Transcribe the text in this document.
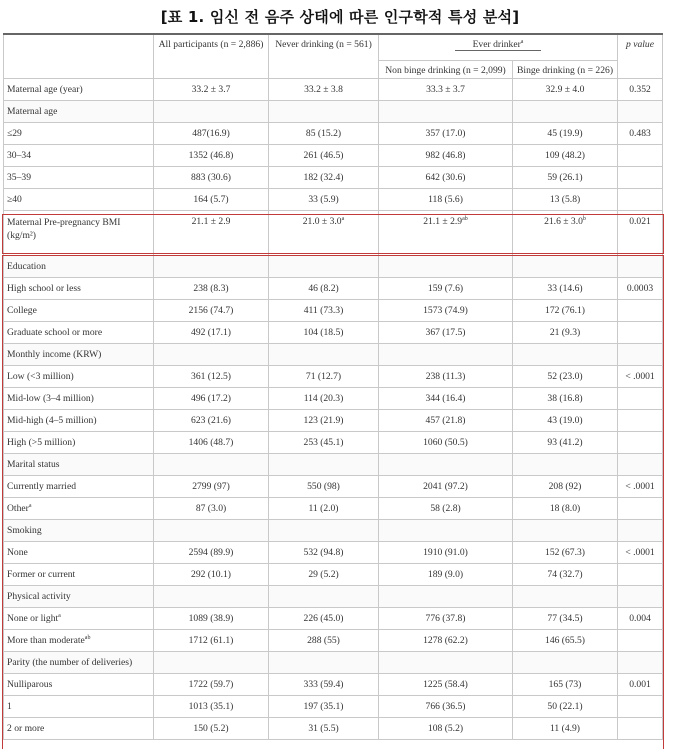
[표 1. 임신 전 음주 상태에 따른 인구학적 특성 분석]
	All participants (n = 2,886)	Never drinking (n = 561)	Ever drinker$^a$		p value
			Non binge drinking (n = 2,099)	Binge drinking (n = 226)	
Maternal age (year)	33.2 ± 3.7	33.2 ± 3.8	33.3 ± 3.7	32.9 ± 4.0	0.352
Maternal age					
≤29	487(16.9)	85 (15.2)	357 (17.0)	45 (19.9)	0.483
30–34	1352 (46.8)	261 (46.5)	982 (46.8)	109 (48.2)	
35–39	883 (30.6)	182 (32.4)	642 (30.6)	59 (26.1)	
≥40	164 (5.7)	33 (5.9)	118 (5.6)	13 (5.8)	
Maternal Pre-pregnancy BMI (kg/m²)	21.1 ± 2.9	21.0 ± 3.0$^a$	21.1 ± 2.9$^{ab}$	21.6 ± 3.0$^b$	0.021
Education					
High school or less	238 (8.3)	46 (8.2)	159 (7.6)	33 (14.6)	0.0003
College	2156 (74.7)	411 (73.3)	1573 (74.9)	172 (76.1)	
Graduate school or more	492 (17.1)	104 (18.5)	367 (17.5)	21 (9.3)	
Monthly income (KRW)					
Low (<3 million)	361 (12.5)	71 (12.7)	238 (11.3)	52 (23.0)	< .0001
Mid-low (3–4 million)	496 (17.2)	114 (20.3)	344 (16.4)	38 (16.8)	
Mid-high (4–5 million)	623 (21.6)	123 (21.9)	457 (21.8)	43 (19.0)	
High (>5 million)	1406 (48.7)	253 (45.1)	1060 (50.5)	93 (41.2)	
Marital status					
Currently married	2799 (97)	550 (98)	2041 (97.2)	208 (92)	< .0001
Other$^a$	87 (3.0)	11 (2.0)	58 (2.8)	18 (8.0)	
Smoking					
None	2594 (89.9)	532 (94.8)	1910 (91.0)	152 (67.3)	< .0001
Former or current	292 (10.1)	29 (5.2)	189 (9.0)	74 (32.7)	
Physical activity					
None or light$^a$	1089 (38.9)	226 (45.0)	776 (37.8)	77 (34.5)	0.004
More than moderate$^{ab}$	1712 (61.1)	288 (55)	1278 (62.2)	146 (65.5)	
Parity (the number of deliveries)					
Nulliparous	1722 (59.7)	333 (59.4)	1225 (58.4)	165 (73)	0.001
1	1013 (35.1)	197 (35.1)	766 (36.5)	50 (22.1)	
2 or more	150 (5.2)	31 (5.5)	108 (5.2)	11 (4.9)	
